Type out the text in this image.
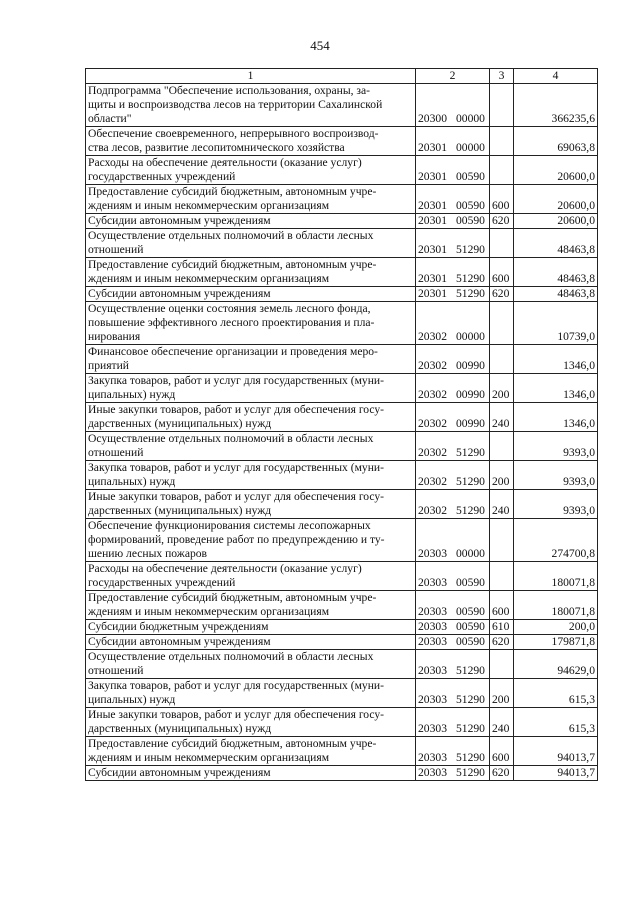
454
1	2	3	4
Подпрограмма "Обеспечение использования, охраны, за-
щиты и воспроизводства лесов на территории Сахалинской
области"	20300 00000		366235,6
Обеспечение своевременного, непрерывного воспроизвод-
ства лесов, развитие лесопитомнического хозяйства	20301 00000		69063,8
Расходы на обеспечение деятельности (оказание услуг)
государственных учреждений	20301 00590		20600,0
Предоставление субсидий бюджетным, автономным учре-
ждениям и иным некоммерческим организациям	20301 00590	600	20600,0
Субсидии автономным учреждениям	20301 00590	620	20600,0
Осуществление отдельных полномочий в области лесных
отношений	20301 51290		48463,8
Предоставление субсидий бюджетным, автономным учре-
ждениям и иным некоммерческим организациям	20301 51290	600	48463,8
Субсидии автономным учреждениям	20301 51290	620	48463,8
Осуществление оценки состояния земель лесного фонда,
повышение эффективного лесного проектирования и пла-
нирования	20302 00000		10739,0
Финансовое обеспечение организации и проведения меро-
приятий	20302 00990		1346,0
Закупка товаров, работ и услуг для государственных (муни-
ципальных) нужд	20302 00990	200	1346,0
Иные закупки товаров, работ и услуг для обеспечения госу-
дарственных (муниципальных) нужд	20302 00990	240	1346,0
Осуществление отдельных полномочий в области лесных
отношений	20302 51290		9393,0
Закупка товаров, работ и услуг для государственных (муни-
ципальных) нужд	20302 51290	200	9393,0
Иные закупки товаров, работ и услуг для обеспечения госу-
дарственных (муниципальных) нужд	20302 51290	240	9393,0
Обеспечение функционирования системы лесопожарных
формирований, проведение работ по предупреждению и ту-
шению лесных пожаров	20303 00000		274700,8
Расходы на обеспечение деятельности (оказание услуг)
государственных учреждений	20303 00590		180071,8
Предоставление субсидий бюджетным, автономным учре-
ждениям и иным некоммерческим организациям	20303 00590	600	180071,8
Субсидии бюджетным учреждениям	20303 00590	610	200,0
Субсидии автономным учреждениям	20303 00590	620	179871,8
Осуществление отдельных полномочий в области лесных
отношений	20303 51290		94629,0
Закупка товаров, работ и услуг для государственных (муни-
ципальных) нужд	20303 51290	200	615,3
Иные закупки товаров, работ и услуг для обеспечения госу-
дарственных (муниципальных) нужд	20303 51290	240	615,3
Предоставление субсидий бюджетным, автономным учре-
ждениям и иным некоммерческим организациям	20303 51290	600	94013,7
Субсидии автономным учреждениям	20303 51290	620	94013,7
